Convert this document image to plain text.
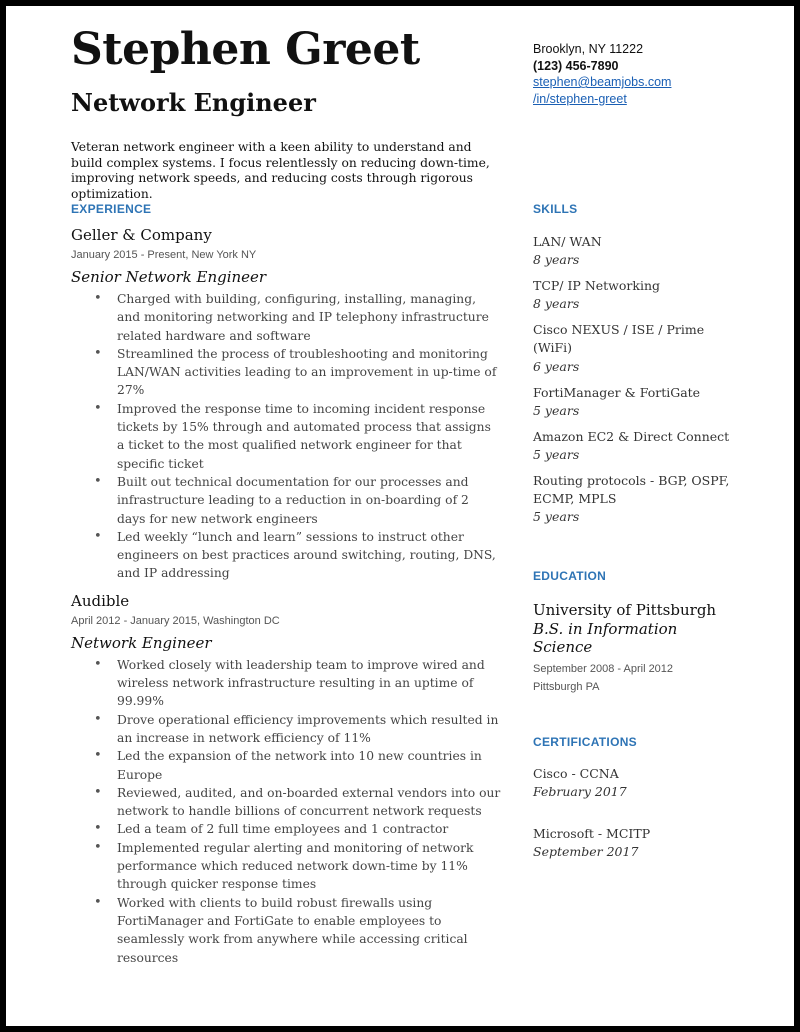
Stephen Greet
Network Engineer
Brooklyn, NY 11222
(123) 456-7890
stephen@beamjobs.com
/in/stephen-greet
Veteran network engineer with a keen ability to understand and build complex systems. I focus relentlessly on reducing down-time, improving network speeds, and reducing costs through rigorous optimization.
EXPERIENCE
Geller & Company
January 2015 - Present, New York NY
Senior Network Engineer
• Charged with building, configuring, installing, managing, and monitoring networking and IP telephony infrastructure related hardware and software
• Streamlined the process of troubleshooting and monitoring LAN/WAN activities leading to an improvement in up-time of 27%
• Improved the response time to incoming incident response tickets by 15% through and automated process that assigns a ticket to the most qualified network engineer for that specific ticket
• Built out technical documentation for our processes and infrastructure leading to a reduction in on-boarding of 2 days for new network engineers
• Led weekly “lunch and learn” sessions to instruct other engineers on best practices around switching, routing, DNS, and IP addressing
Audible
April 2012 - January 2015, Washington DC
Network Engineer
• Worked closely with leadership team to improve wired and wireless network infrastructure resulting in an uptime of 99.99%
• Drove operational efficiency improvements which resulted in an increase in network efficiency of 11%
• Led the expansion of the network into 10 new countries in Europe
• Reviewed, audited, and on-boarded external vendors into our network to handle billions of concurrent network requests
• Led a team of 2 full time employees and 1 contractor
• Implemented regular alerting and monitoring of network performance which reduced network down-time by 11% through quicker response times
• Worked with clients to build robust firewalls using FortiManager and FortiGate to enable employees to seamlessly work from anywhere while accessing critical resources
SKILLS
LAN/ WAN
8 years
TCP/ IP Networking
8 years
Cisco NEXUS / ISE / Prime (WiFi)
6 years
FortiManager & FortiGate
5 years
Amazon EC2 & Direct Connect
5 years
Routing protocols - BGP, OSPF, ECMP, MPLS
5 years
EDUCATION
University of Pittsburgh
B.S. in Information Science
September 2008 - April 2012
Pittsburgh PA
CERTIFICATIONS
Cisco - CCNA
February 2017
Microsoft - MCITP
September 2017
